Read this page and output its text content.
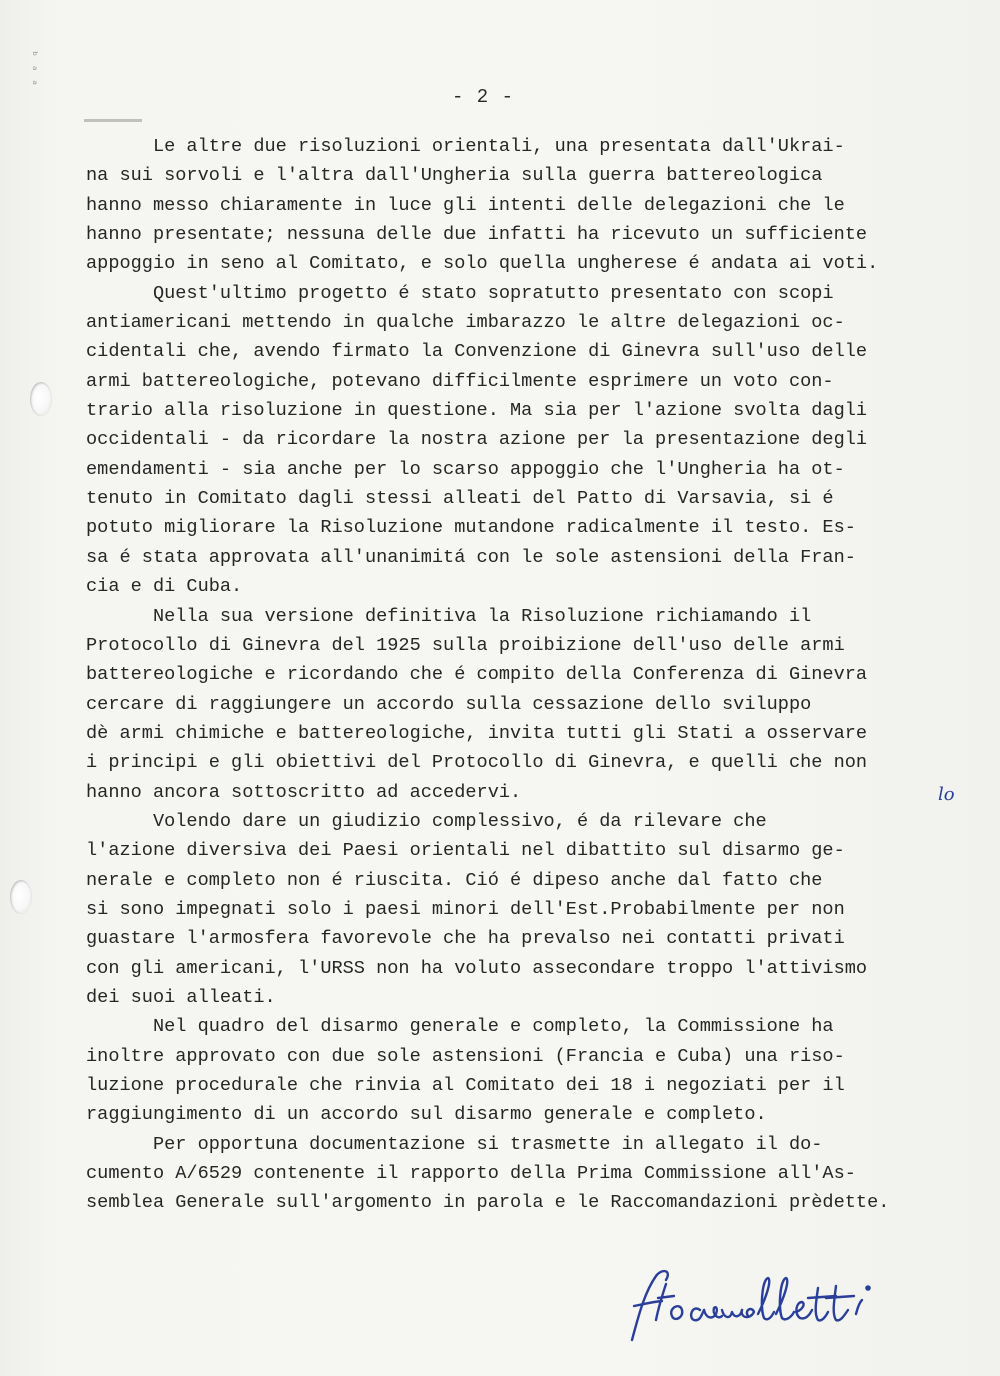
ᵇ ᵃ ᵃ
- 2 -
Le altre due risoluzioni orientali, una presentata dall'Ukrai-
na sui sorvoli e l'altra dall'Ungheria sulla guerra battereologica
hanno messo chiaramente in luce gli intenti delle delegazioni che le
hanno presentate; nessuna delle due infatti ha ricevuto un sufficiente
appoggio in seno al Comitato, e solo quella ungherese é andata ai voti.
Quest'ultimo progetto é stato sopratutto presentato con scopi
antiamericani mettendo in qualche imbarazzo le altre delegazioni oc-
cidentali che, avendo firmato la Convenzione di Ginevra sull'uso delle
armi battereologiche, potevano difficilmente esprimere un voto con-
trario alla risoluzione in questione. Ma sia per l'azione svolta dagli
occidentali - da ricordare la nostra azione per la presentazione degli
emendamenti - sia anche per lo scarso appoggio che l'Ungheria ha ot-
tenuto in Comitato dagli stessi alleati del Patto di Varsavia, si é
potuto migliorare la Risoluzione mutandone radicalmente il testo. Es-
sa é stata approvata all'unanimitá con le sole astensioni della Fran-
cia e di Cuba.
Nella sua versione definitiva la Risoluzione richiamando il
Protocollo di Ginevra del 1925 sulla proibizione dell'uso delle armi
battereologiche e ricordando che é compito della Conferenza di Ginevra
cercare di raggiungere un accordo sulla cessazione dello sviluppo
dè armi chimiche e battereologiche, invita tutti gli Stati a osservare
i principi e gli obiettivi del Protocollo di Ginevra, e quelli che non
hanno ancora sottoscritto ad accedervi.
Volendo dare un giudizio complessivo, é da rilevare che
l'azione diversiva dei Paesi orientali nel dibattito sul disarmo ge-
nerale e completo non é riuscita. Ció é dipeso anche dal fatto che
si sono impegnati solo i paesi minori dell'Est.Probabilmente per non
guastare l'armosfera favorevole che ha prevalso nei contatti privati
con gli americani, l'URSS non ha voluto assecondare troppo l'attivismo
dei suoi alleati.
Nel quadro del disarmo generale e completo, la Commissione ha
inoltre approvato con due sole astensioni (Francia e Cuba) una riso-
luzione procedurale che rinvia al Comitato dei 18 i negoziati per il
raggiungimento di un accordo sul disarmo generale e completo.
Per opportuna documentazione si trasmette in allegato il do-
cumento A/6529 contenente il rapporto della Prima Commissione all'As-
semblea Generale sull'argomento in parola e le Raccomandazioni prèdette.
lo
